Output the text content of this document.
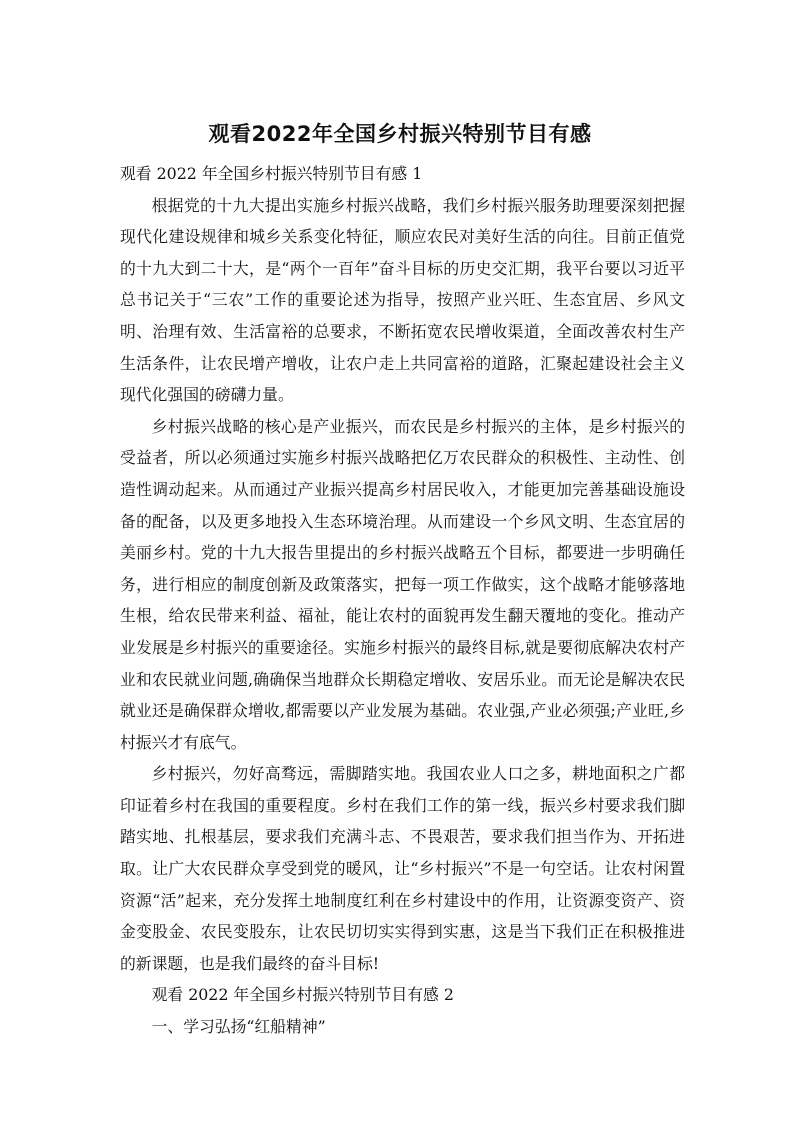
观看2022年全国乡村振兴特别节目有感

观看 2022 年全国乡村振兴特别节目有感 1

根据党的十九大提出实施乡村振兴战略，我们乡村振兴服务助理要深刻把握现代化建设规律和城乡关系变化特征，顺应农民对美好生活的向往。目前正值党的十九大到二十大，是“两个一百年”奋斗目标的历史交汇期，我平台要以习近平总书记关于“三农”工作的重要论述为指导，按照产业兴旺、生态宜居、乡风文明、治理有效、生活富裕的总要求，不断拓宽农民增收渠道，全面改善农村生产生活条件，让农民增产增收，让农户走上共同富裕的道路，汇聚起建设社会主义现代化强国的磅礴力量。

乡村振兴战略的核心是产业振兴，而农民是乡村振兴的主体，是乡村振兴的受益者，所以必须通过实施乡村振兴战略把亿万农民群众的积极性、主动性、创造性调动起来。从而通过产业振兴提高乡村居民收入，才能更加完善基础设施设备的配备，以及更多地投入生态环境治理。从而建设一个乡风文明、生态宜居的美丽乡村。党的十九大报告里提出的乡村振兴战略五个目标，都要进一步明确任务，进行相应的制度创新及政策落实，把每一项工作做实，这个战略才能够落地生根，给农民带来利益、福祉，能让农村的面貌再发生翻天覆地的变化。推动产业发展是乡村振兴的重要途径。实施乡村振兴的最终目标,就是要彻底解决农村产业和农民就业问题,确确保当地群众长期稳定增收、安居乐业。而无论是解决农民就业还是确保群众增收,都需要以产业发展为基础。农业强,产业必须强;产业旺,乡村振兴才有底气。

乡村振兴，勿好高骛远，需脚踏实地。我国农业人口之多，耕地面积之广都印证着乡村在我国的重要程度。乡村在我们工作的第一线，振兴乡村要求我们脚踏实地、扎根基层，要求我们充满斗志、不畏艰苦，要求我们担当作为、开拓进取。让广大农民群众享受到党的暖风，让“乡村振兴”不是一句空话。让农村闲置资源“活”起来，充分发挥土地制度红利在乡村建设中的作用，让资源变资产、资金变股金、农民变股东，让农民切切实实得到实惠，这是当下我们正在积极推进的新课题，也是我们最终的奋斗目标!

观看 2022 年全国乡村振兴特别节目有感 2

一、学习弘扬“红船精神”
